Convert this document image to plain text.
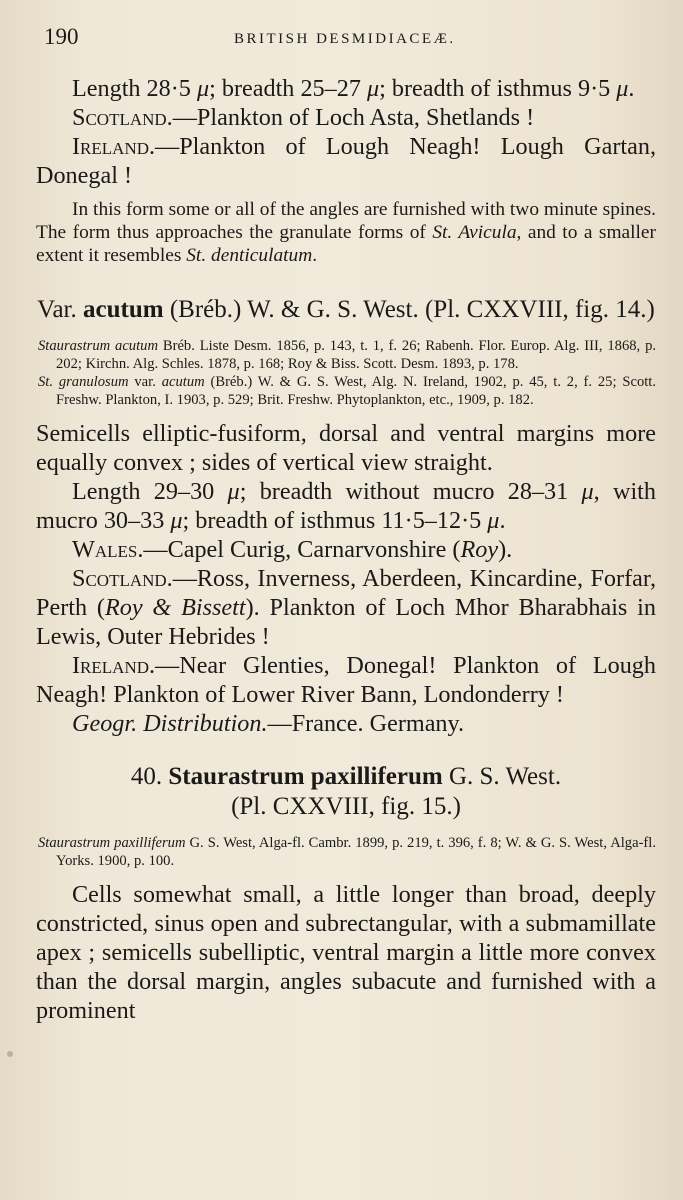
190	BRITISH DESMIDIACEÆ.

Length 28·5 μ; breadth 25–27 μ; breadth of isthmus 9·5 μ.

Scotland.—Plankton of Loch Asta, Shetlands !

Ireland.—Plankton of Lough Neagh! Lough Gartan, Donegal !

In this form some or all of the angles are furnished with two minute spines. The form thus approaches the granulate forms of St. Avicula, and to a smaller extent it resembles St. denticulatum.

Var. acutum (Bréb.) W. & G. S. West. (Pl. CXXVIII, fig. 14.)

Staurastrum acutum Bréb. Liste Desm. 1856, p. 143, t. 1, f. 26; Rabenh. Flor. Europ. Alg. III, 1868, p. 202; Kirchn. Alg. Schles. 1878, p. 168; Roy & Biss. Scott. Desm. 1893, p. 178.

St. granulosum var. acutum (Bréb.) W. & G. S. West, Alg. N. Ireland, 1902, p. 45, t. 2, f. 25; Scott. Freshw. Plankton, I. 1903, p. 529; Brit. Freshw. Phytoplankton, etc., 1909, p. 182.

Semicells elliptic-fusiform, dorsal and ventral margins more equally convex ; sides of vertical view straight.

Length 29–30 μ; breadth without mucro 28–31 μ, with mucro 30–33 μ; breadth of isthmus 11·5–12·5 μ.

Wales.—Capel Curig, Carnarvonshire (Roy).

Scotland.—Ross, Inverness, Aberdeen, Kincardine, Forfar, Perth (Roy & Bissett). Plankton of Loch Mhor Bharabhais in Lewis, Outer Hebrides !

Ireland.—Near Glenties, Donegal! Plankton of Lough Neagh! Plankton of Lower River Bann, Londonderry !

Geogr. Distribution.—France. Germany.

40. Staurastrum paxilliferum G. S. West.

(Pl. CXXVIII, fig. 15.)

Staurastrum paxilliferum G. S. West, Alga-fl. Cambr. 1899, p. 219, t. 396, f. 8; W. & G. S. West, Alga-fl. Yorks. 1900, p. 100.

Cells somewhat small, a little longer than broad, deeply constricted, sinus open and subrectangular, with a submamillate apex ; semicells subelliptic, ventral margin a little more convex than the dorsal margin, angles subacute and furnished with a prominent
